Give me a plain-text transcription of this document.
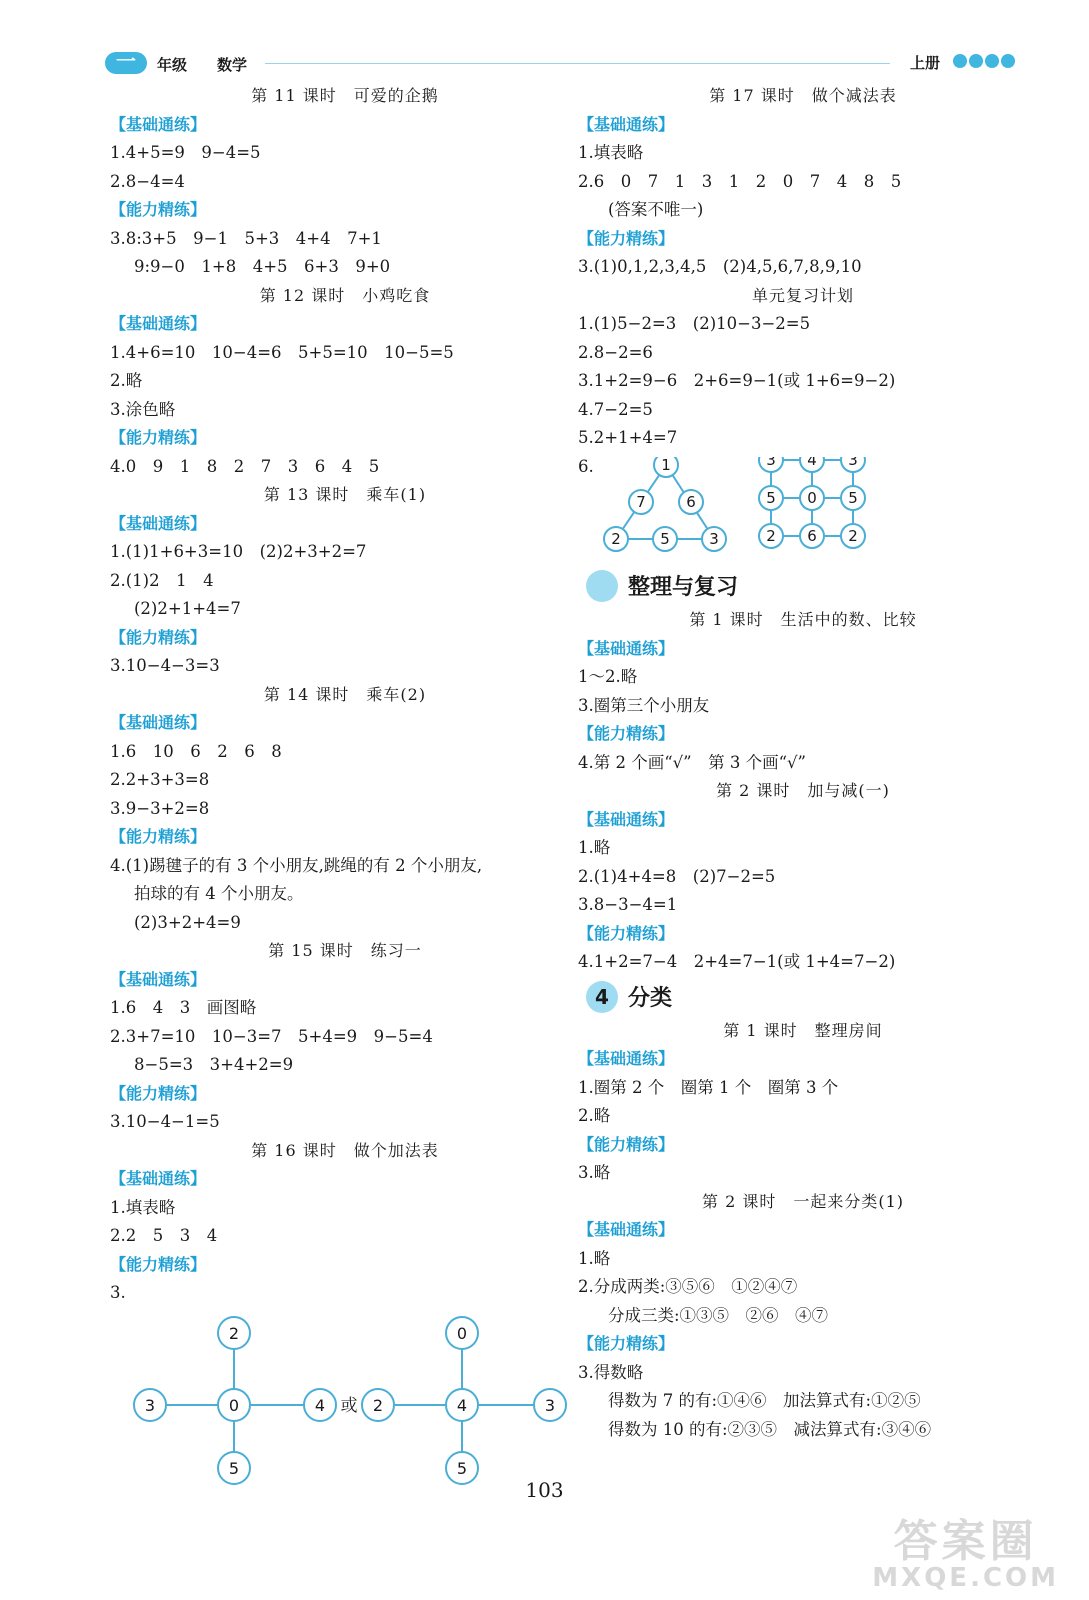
一	年级 数学	上册
第 11 课时　可爱的企鹅
【基础通练】
1.4+5=9　9−4=5
2.8−4=4
【能力精练】
3.8:3+5　9−1　5+3　4+4　7+1
9:9−0　1+8　4+5　6+3　9+0
第 12 课时　小鸡吃食
【基础通练】
1.4+6=10　10−4=6　5+5=10　10−5=5
2.略
3.涂色略
【能力精练】
4.0　9　1　8　2　7　3　6　4　5
第 13 课时　乘车(1)
【基础通练】
1.(1)1+6+3=10　(2)2+3+2=7
2.(1)2　1　4
(2)2+1+4=7
【能力精练】
3.10−4−3=3
第 14 课时　乘车(2)
【基础通练】
1.6　10　6　2　6　8
2.2+3+3=8
3.9−3+2=8
【能力精练】
4.(1)踢毽子的有 3 个小朋友,跳绳的有 2 个小朋友,
拍球的有 4 个小朋友。
(2)3+2+4=9
第 15 课时　练习一
【基础通练】
1.6　4　3　画图略
2.3+7=10　10−3=7　5+4=9　9−5=4
8−5=3　3+4+2=9
【能力精练】
3.10−4−1=5
第 16 课时　做个加法表
【基础通练】
1.填表略
2.2　5　3　4
【能力精练】
3.
2
3	0	4
5
或
0
2	4	3
5
第 17 课时　做个减法表
【基础通练】
1.填表略
2.6　0　7　1　3　1　2　0　7　4　8　5
(答案不唯一)
【能力精练】
3.(1)0,1,2,3,4,5　(2)4,5,6,7,8,9,10
单元复习计划
1.(1)5−2=3　(2)10−3−2=5
2.8−2=6
3.1+2=9−6　2+6=9−1(或 1+6=9−2)
4.7−2=5
5.2+1+4=7
6.	1
7	6
2	5	3
3 4 3
5 0 5
2 6 2
整理与复习
第 1 课时　生活中的数、比较
【基础通练】
1～2.略
3.圈第三个小朋友
【能力精练】
4.第 2 个画“√”　第 3 个画“√”
第 2 课时　加与减(一)
【基础通练】
1.略
2.(1)4+4=8　(2)7−2=5
3.8−3−4=1
【能力精练】
4.1+2=7−4　2+4=7−1(或 1+4=7−2)
4 分类
第 1 课时　整理房间
【基础通练】
1.圈第 2 个　圈第 1 个　圈第 3 个
2.略
【能力精练】
3.略
第 2 课时　一起来分类(1)
【基础通练】
1.略
2.分成两类:③⑤⑥　①②④⑦
分成三类:①③⑤　②⑥　④⑦
【能力精练】
3.得数略
得数为 7 的有:①④⑥　加法算式有:①②⑤
得数为 10 的有:②③⑤　减法算式有:③④⑥
103
答案圈
MXQE.COM
